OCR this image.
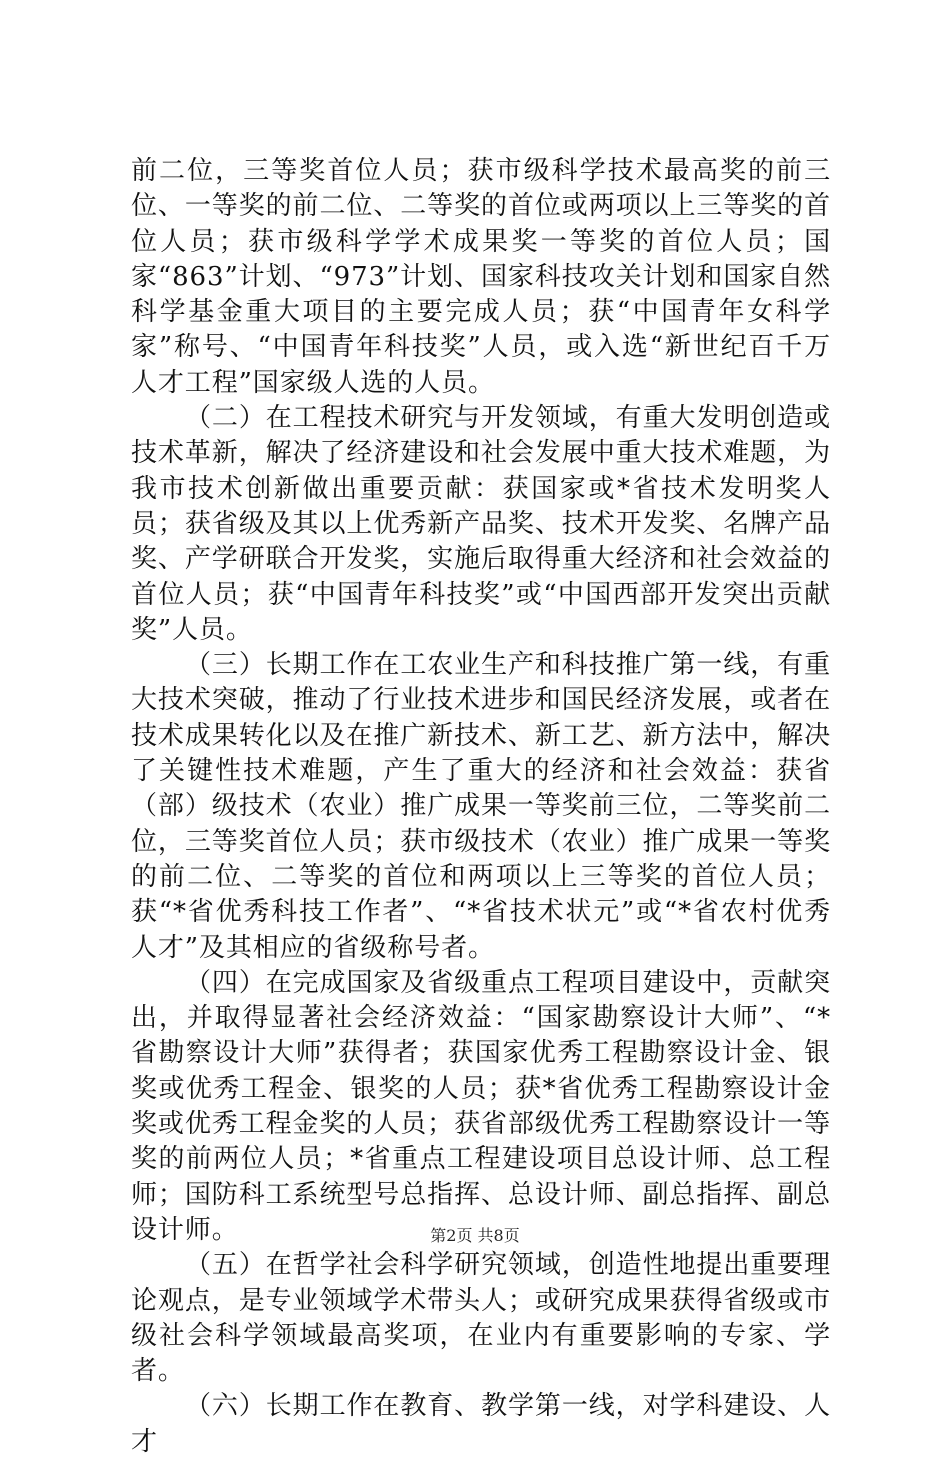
前二位，三等奖首位人员；获市级科学技术最高奖的前三位、一等奖的前二位、二等奖的首位或两项以上三等奖的首位人员；获市级科学学术成果奖一等奖的首位人员；国家“863”计划、“973”计划、国家科技攻关计划和国家自然科学基金重大项目的主要完成人员；获“中国青年女科学家”称号、“中国青年科技奖”人员，或入选“新世纪百千万人才工程”国家级人选的人员。

（二）在工程技术研究与开发领域，有重大发明创造或技术革新，解决了经济建设和社会发展中重大技术难题，为我市技术创新做出重要贡献：获国家或*省技术发明奖人员；获省级及其以上优秀新产品奖、技术开发奖、名牌产品奖、产学研联合开发奖，实施后取得重大经济和社会效益的首位人员；获“中国青年科技奖”或“中国西部开发突出贡献奖”人员。

（三）长期工作在工农业生产和科技推广第一线，有重大技术突破，推动了行业技术进步和国民经济发展，或者在技术成果转化以及在推广新技术、新工艺、新方法中，解决了关键性技术难题，产生了重大的经济和社会效益：获省（部）级技术（农业）推广成果一等奖前三位，二等奖前二位，三等奖首位人员；获市级技术（农业）推广成果一等奖的前二位、二等奖的首位和两项以上三等奖的首位人员；获“*省优秀科技工作者”、“*省技术状元”或“*省农村优秀人才”及其相应的省级称号者。

（四）在完成国家及省级重点工程项目建设中，贡献突出，并取得显著社会经济效益：“国家勘察设计大师”、“*省勘察设计大师”获得者；获国家优秀工程勘察设计金、银奖或优秀工程金、银奖的人员；获*省优秀工程勘察设计金奖或优秀工程金奖的人员；获省部级优秀工程勘察设计一等奖的前两位人员；*省重点工程建设项目总设计师、总工程师；国防科工系统型号总指挥、总设计师、副总指挥、副总设计师。

（五）在哲学社会科学研究领域，创造性地提出重要理论观点，是专业领域学术带头人；或研究成果获得省级或市级社会科学领域最高奖项，在业内有重要影响的专家、学者。

（六）长期工作在教育、教学第一线，对学科建设、人才

第2页 共8页
